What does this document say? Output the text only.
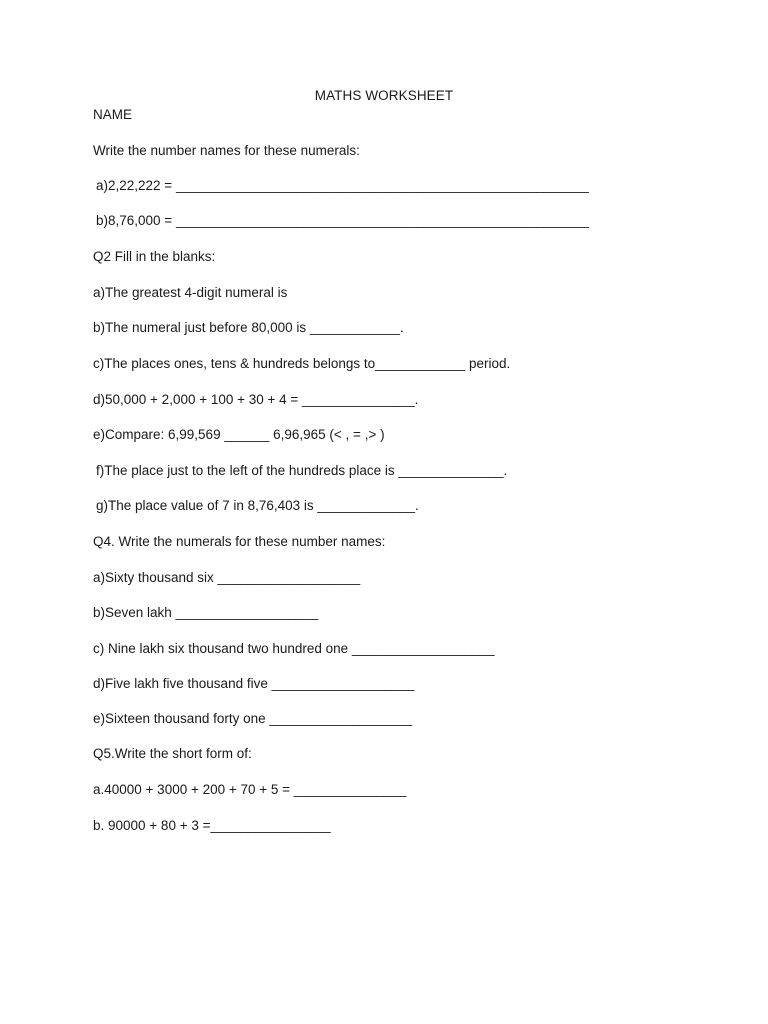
MATHS WORKSHEET
NAME
Write the number names for these numerals:
a)2,22,222 = _______________________________________________________
b)8,76,000 = _______________________________________________________
Q2 Fill in the blanks:
a)The greatest 4-digit numeral is
b)The numeral just before 80,000 is ____________.
c)The places ones, tens & hundreds belongs to____________ period.
d)50,000 + 2,000 + 100 + 30 + 4 = _______________.
e)Compare: 6,99,569 ______ 6,96,965 (< , = ,> )
f)The place just to the left of the hundreds place is ______________.
g)The place value of 7 in 8,76,403 is _____________.
Q4. Write the numerals for these number names:
a)Sixty thousand six ___________________
b)Seven lakh ___________________
c) Nine lakh six thousand two hundred one ___________________
d)Five lakh five thousand five ___________________
e)Sixteen thousand forty one ___________________
Q5.Write the short form of:
a.40000 + 3000 + 200 + 70 + 5 = _______________
b. 90000 + 80 + 3 =________________
